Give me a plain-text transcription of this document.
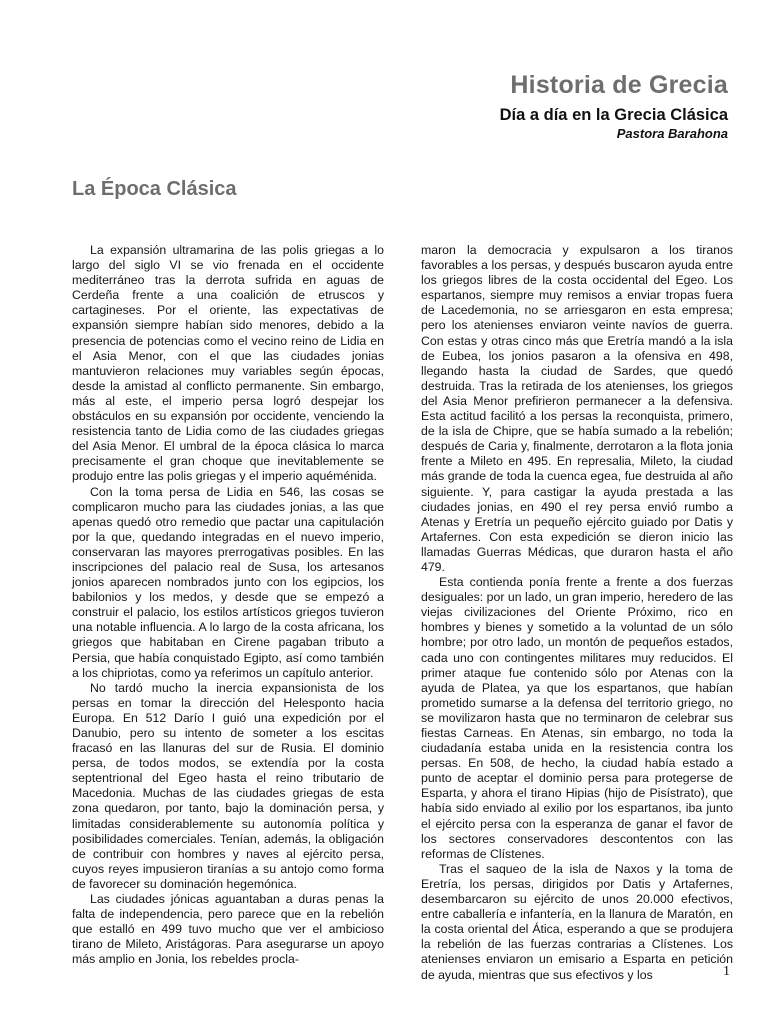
Historia de Grecia
Día a día en la Grecia Clásica
Pastora Barahona
La Época Clásica

La expansión ultramarina de las polis griegas a lo largo del siglo VI se vio frenada en el occidente mediterráneo tras la derrota sufrida en aguas de Cerdeña frente a una coalición de etruscos y cartagineses. Por el oriente, las expectativas de expansión siempre habían sido menores, debido a la presencia de potencias como el vecino reino de Lidia en el Asia Menor, con el que las ciudades jonias mantuvieron relaciones muy variables según épocas, desde la amistad al conflicto permanente. Sin embargo, más al este, el imperio persa logró despejar los obstáculos en su expansión por occidente, venciendo la resistencia tanto de Lidia como de las ciudades griegas del Asia Menor. El umbral de la época clásica lo marca precisamente el gran choque que inevitablemente se produjo entre las polis griegas y el imperio aquéménida.

Con la toma persa de Lidia en 546, las cosas se complicaron mucho para las ciudades jonias, a las que apenas quedó otro remedio que pactar una capitulación por la que, quedando integradas en el nuevo imperio, conservaran las mayores prerrogativas posibles. En las inscripciones del palacio real de Susa, los artesanos jonios aparecen nombrados junto con los egipcios, los babilonios y los medos, y desde que se empezó a construir el palacio, los estilos artísticos griegos tuvieron una notable influencia. A lo largo de la costa africana, los griegos que habitaban en Cirene pagaban tributo a Persia, que había conquistado Egipto, así como también a los chipriotas, como ya referimos un capítulo anterior.

No tardó mucho la inercia expansionista de los persas en tomar la dirección del Helesponto hacia Europa. En 512 Darío I guió una expedición por el Danubio, pero su intento de someter a los escitas fracasó en las llanuras del sur de Rusia. El dominio persa, de todos modos, se extendía por la costa septentrional del Egeo hasta el reino tributario de Macedonia. Muchas de las ciudades griegas de esta zona quedaron, por tanto, bajo la dominación persa, y limitadas considerablemente su autonomía política y posibilidades comerciales. Tenían, además, la obligación de contribuir con hombres y naves al ejército persa, cuyos reyes impusieron tiranías a su antojo como forma de favorecer su dominación hegemónica.

Las ciudades jónicas aguantaban a duras penas la falta de independencia, pero parece que en la rebelión que estalló en 499 tuvo mucho que ver el ambicioso tirano de Mileto, Aristágoras. Para asegurarse un apoyo más amplio en Jonia, los rebeldes procla-

maron la democracia y expulsaron a los tiranos favorables a los persas, y después buscaron ayuda entre los griegos libres de la costa occidental del Egeo. Los espartanos, siempre muy remisos a enviar tropas fuera de Lacedemonia, no se arriesgaron en esta empresa; pero los atenienses enviaron veinte navíos de guerra. Con estas y otras cinco más que Eretría mandó a la isla de Eubea, los jonios pasaron a la ofensiva en 498, llegando hasta la ciudad de Sardes, que quedó destruida. Tras la retirada de los atenienses, los griegos del Asia Menor prefirieron permanecer a la defensiva. Esta actitud facilitó a los persas la reconquista, primero, de la isla de Chipre, que se había sumado a la rebelión; después de Caria y, finalmente, derrotaron a la flota jonia frente a Mileto en 495. En represalia, Mileto, la ciudad más grande de toda la cuenca egea, fue destruida al año siguiente. Y, para castigar la ayuda prestada a las ciudades jonias, en 490 el rey persa envió rumbo a Atenas y Eretría un pequeño ejército guiado por Datis y Artafernes. Con esta expedición se dieron inicio las llamadas Guerras Médicas, que duraron hasta el año 479.

Esta contienda ponía frente a frente a dos fuerzas desiguales: por un lado, un gran imperio, heredero de las viejas civilizaciones del Oriente Próximo, rico en hombres y bienes y sometido a la voluntad de un sólo hombre; por otro lado, un montón de pequeños estados, cada uno con contingentes militares muy reducidos. El primer ataque fue contenido sólo por Atenas con la ayuda de Platea, ya que los espartanos, que habían prometido sumarse a la defensa del territorio griego, no se movilizaron hasta que no terminaron de celebrar sus fiestas Carneas. En Atenas, sin embargo, no toda la ciudadanía estaba unida en la resistencia contra los persas. En 508, de hecho, la ciudad había estado a punto de aceptar el dominio persa para protegerse de Esparta, y ahora el tirano Hipias (hijo de Pisístrato), que había sido enviado al exilio por los espartanos, iba junto el ejército persa con la esperanza de ganar el favor de los sectores conservadores descontentos con las reformas de Clístenes.

Tras el saqueo de la isla de Naxos y la toma de Eretría, los persas, dirigidos por Datis y Artafernes, desembarcaron su ejército de unos 20.000 efectivos, entre caballería e infantería, en la llanura de Maratón, en la costa oriental del Ática, esperando a que se produjera la rebelión de las fuerzas contrarias a Clístenes. Los atenienses enviaron un emisario a Esparta en petición de ayuda, mientras que sus efectivos y los	1
